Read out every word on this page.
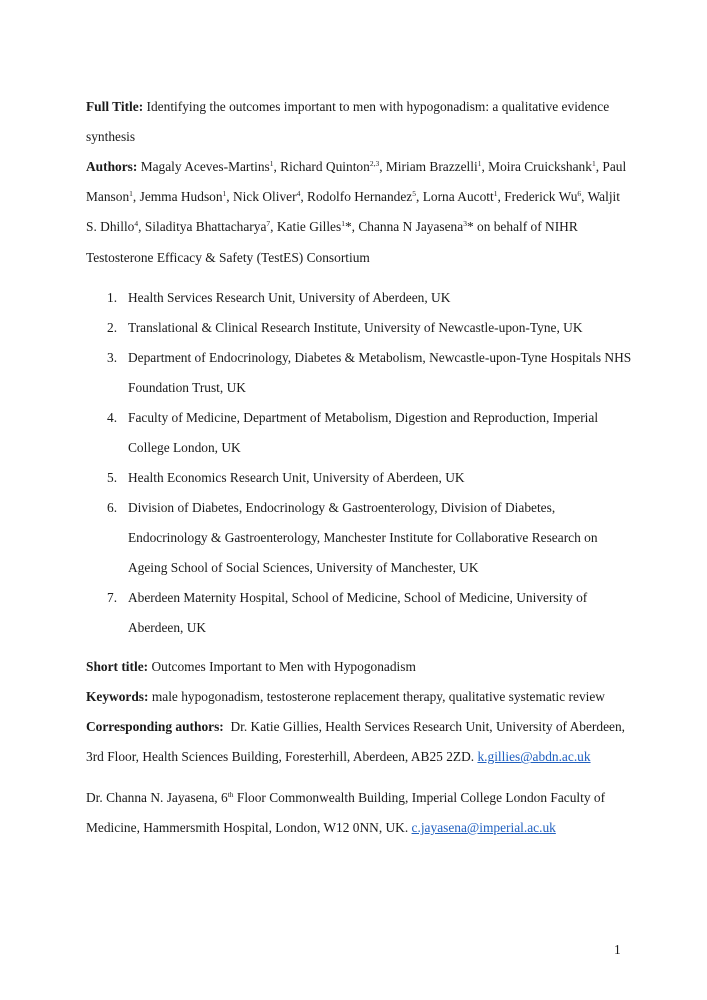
Full Title: Identifying the outcomes important to men with hypogonadism: a qualitative evidence
synthesis
Authors: Magaly Aceves-Martins$^1$, Richard Quinton$^{2,3}$, Miriam Brazzelli$^1$, Moira Cruickshank$^1$, Paul
Manson$^1$, Jemma Hudson$^1$, Nick Oliver$^4$, Rodolfo Hernandez$^5$, Lorna Aucott$^1$, Frederick Wu$^6$, Waljit
S. Dhillo$^4$, Siladitya Bhattacharya$^7$, Katie Gilles$^1$*, Channa N Jayasena$^3$* on behalf of NIHR
Testosterone Efficacy & Safety (TestES) Consortium
1. Health Services Research Unit, University of Aberdeen, UK
2. Translational & Clinical Research Institute, University of Newcastle-upon-Tyne, UK
3. Department of Endocrinology, Diabetes & Metabolism, Newcastle-upon-Tyne Hospitals NHS
Foundation Trust, UK
4. Faculty of Medicine, Department of Metabolism, Digestion and Reproduction, Imperial
College London, UK
5. Health Economics Research Unit, University of Aberdeen, UK
6. Division of Diabetes, Endocrinology & Gastroenterology, Division of Diabetes,
Endocrinology & Gastroenterology, Manchester Institute for Collaborative Research on
Ageing School of Social Sciences, University of Manchester, UK
7. Aberdeen Maternity Hospital, School of Medicine, School of Medicine, University of
Aberdeen, UK
Short title: Outcomes Important to Men with Hypogonadism
Keywords: male hypogonadism, testosterone replacement therapy, qualitative systematic review
Corresponding authors:  Dr. Katie Gillies, Health Services Research Unit, University of Aberdeen,
3rd Floor, Health Sciences Building, Foresterhill, Aberdeen, AB25 2ZD. k.gillies@abdn.ac.uk
Dr. Channa N. Jayasena, 6th Floor Commonwealth Building, Imperial College London Faculty of
Medicine, Hammersmith Hospital, London, W12 0NN, UK. c.jayasena@imperial.ac.uk
1
